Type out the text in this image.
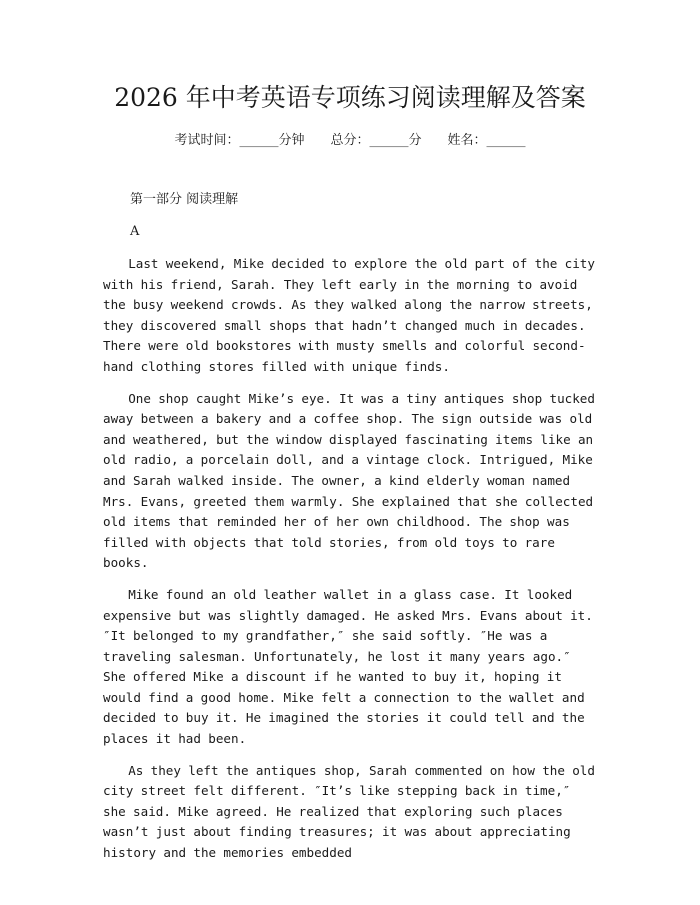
2026 年中考英语专项练习阅读理解及答案
考试时间：______分钟 总分：______分 姓名：______
第一部分 阅读理解
A

Last weekend, Mike decided to explore the old part of the city with his friend, Sarah. They left early in the morning to avoid the busy weekend crowds. As they walked along the narrow streets, they discovered small shops that hadn’t changed much in decades. There were old bookstores with musty smells and colorful second-hand clothing stores filled with unique finds.

One shop caught Mike’s eye. It was a tiny antiques shop tucked away between a bakery and a coffee shop. The sign outside was old and weathered, but the window displayed fascinating items like an old radio, a porcelain doll, and a vintage clock. Intrigued, Mike and Sarah walked inside. The owner, a kind elderly woman named Mrs. Evans, greeted them warmly. She explained that she collected old items that reminded her of her own childhood. The shop was filled with objects that told stories, from old toys to rare books.

Mike found an old leather wallet in a glass case. It looked expensive but was slightly damaged. He asked Mrs. Evans about it. ″It belonged to my grandfather,″ she said softly. ″He was a traveling salesman. Unfortunately, he lost it many years ago.″ She offered Mike a discount if he wanted to buy it, hoping it would find a good home. Mike felt a connection to the wallet and decided to buy it. He imagined the stories it could tell and the places it had been.

As they left the antiques shop, Sarah commented on how the old city street felt different. ″It’s like stepping back in time,″ she said. Mike agreed. He realized that exploring such places wasn’t just about finding treasures; it was about appreciating history and the memories embedded
